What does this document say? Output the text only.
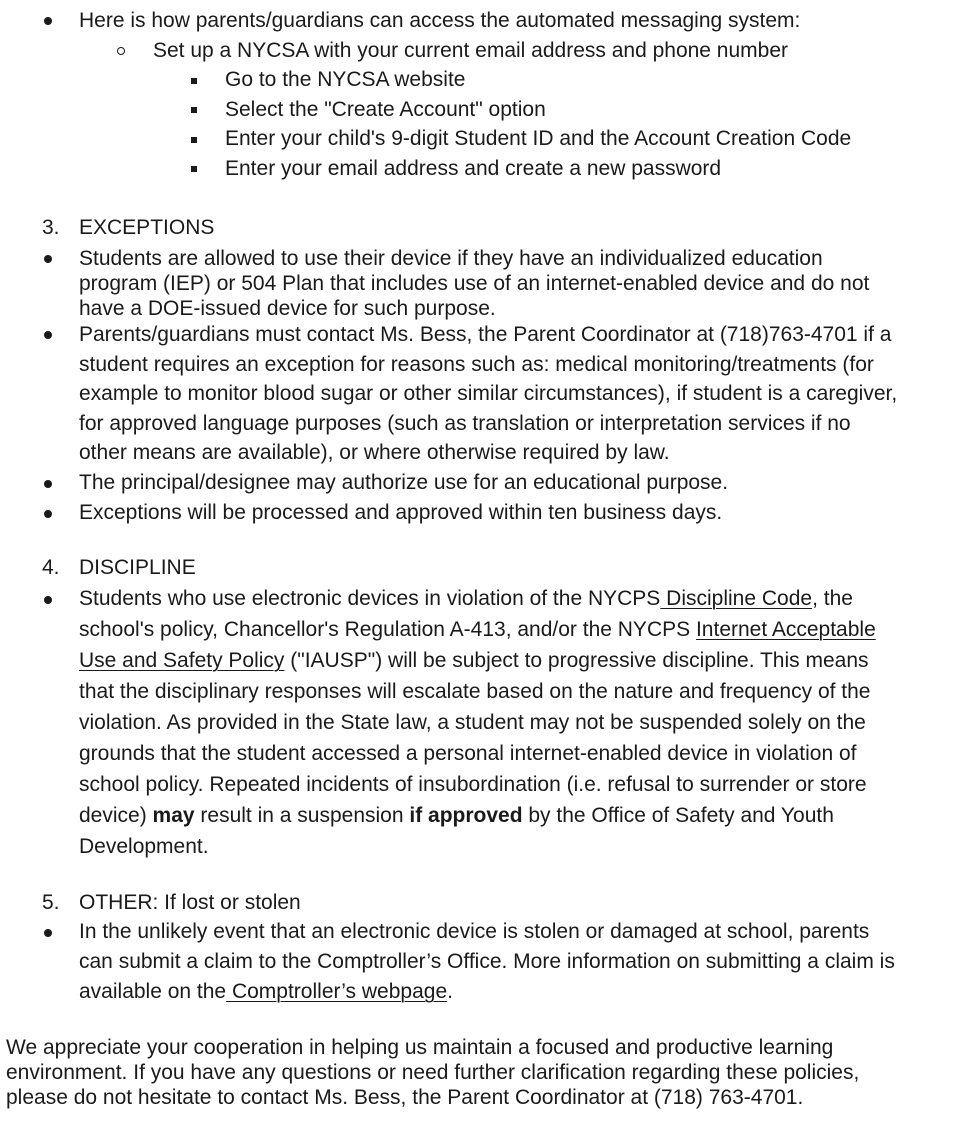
Here is how parents/guardians can access the automated messaging system:
Set up a NYCSA with your current email address and phone number
Go to the NYCSA website
Select the "Create Account" option
Enter your child's 9-digit Student ID and the Account Creation Code
Enter your email address and create a new password
3. EXCEPTIONS
Students are allowed to use their device if they have an individualized education
program (IEP) or 504 Plan that includes use of an internet-enabled device and do not
have a DOE-issued device for such purpose.
Parents/guardians must contact Ms. Bess, the Parent Coordinator at (718)763-4701 if a
student requires an exception for reasons such as: medical monitoring/treatments (for
example to monitor blood sugar or other similar circumstances), if student is a caregiver,
for approved language purposes (such as translation or interpretation services if no
other means are available), or where otherwise required by law.
The principal/designee may authorize use for an educational purpose.
Exceptions will be processed and approved within ten business days.
4. DISCIPLINE
Students who use electronic devices in violation of the NYCPS Discipline Code, the
school's policy, Chancellor's Regulation A-413, and/or the NYCPS Internet Acceptable
Use and Safety Policy ("IAUSP") will be subject to progressive discipline. This means
that the disciplinary responses will escalate based on the nature and frequency of the
violation. As provided in the State law, a student may not be suspended solely on the
grounds that the student accessed a personal internet-enabled device in violation of
school policy. Repeated incidents of insubordination (i.e. refusal to surrender or store
device) may result in a suspension if approved by the Office of Safety and Youth
Development.
5. OTHER: If lost or stolen
In the unlikely event that an electronic device is stolen or damaged at school, parents
can submit a claim to the Comptroller’s Office. More information on submitting a claim is
available on the Comptroller’s webpage.
We appreciate your cooperation in helping us maintain a focused and productive learning
environment. If you have any questions or need further clarification regarding these policies,
please do not hesitate to contact Ms. Bess, the Parent Coordinator at (718) 763-4701.
